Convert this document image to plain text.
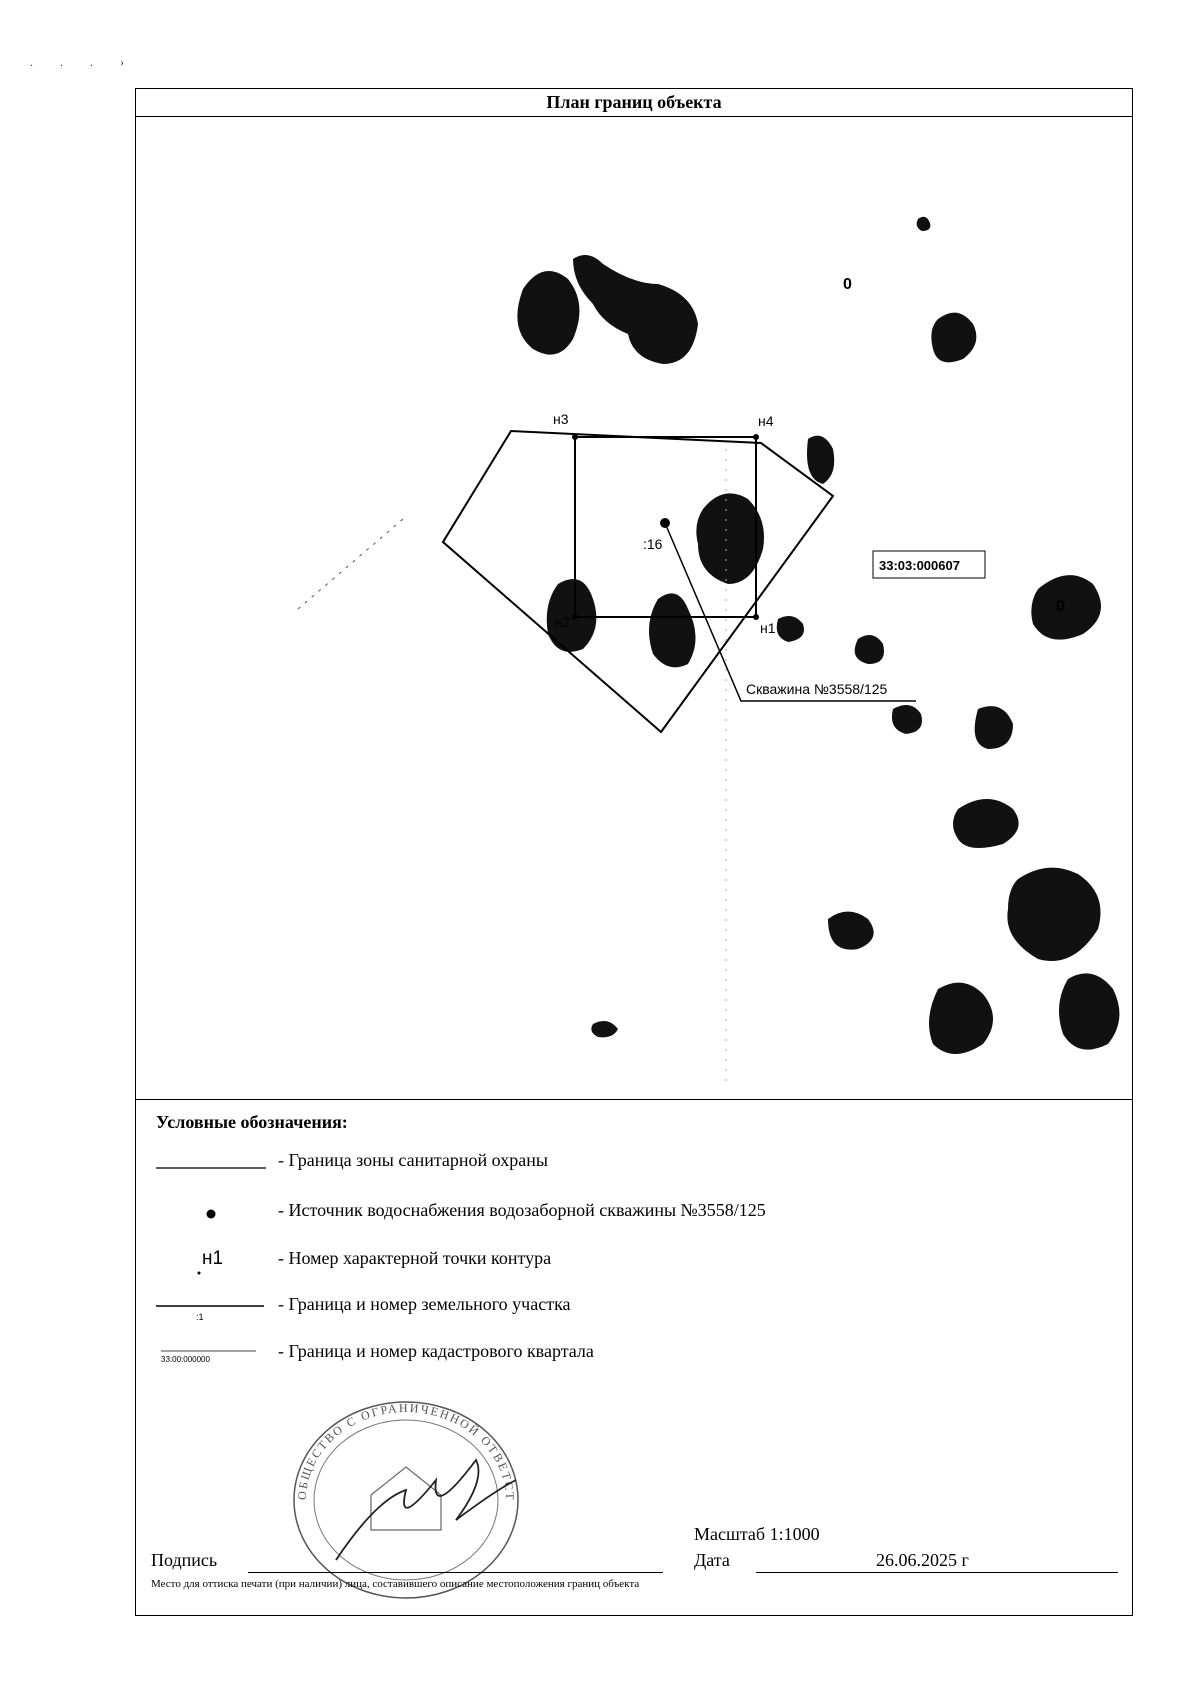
. . . ›
План границ объекта
н1
н2
н3	н4
Скважина №3558/125
:16
33:03:000607
0
0
Условные обозначения:
- Граница зоны санитарной охраны
- Источник водоснабжения водозаборной скважины №3558/125
н1	- Номер характерной точки контура
:1
- Граница и номер земельного участка
33:00:000000	- Граница и номер кадастрового квартала
ОБЩЕСТВО С ОГРАНИЧЕННОЙ ОТВЕТСТ
Масштаб 1:1000
Подпись	Дата	26.06.2025 г
Место для оттиска печати (при наличии) лица, составившего описание местоположения границ объекта
